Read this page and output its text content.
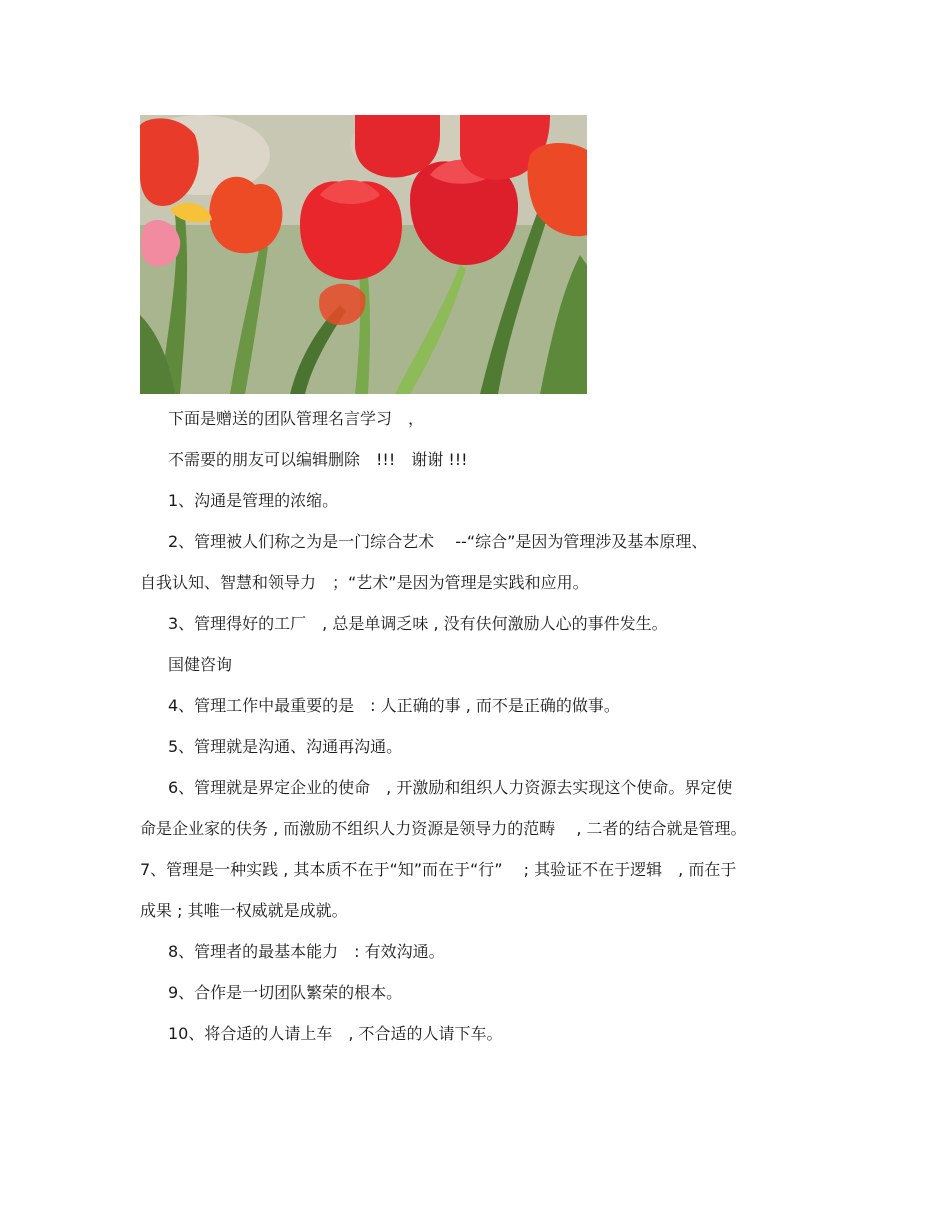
下面是赠送的团队管理名言学习　，
不需要的朋友可以编辑删除　!!!　谢谢 !!!
1、沟通是管理的浓缩。
2、管理被人们称之为是一门综合艺术　 --“综合”是因为管理涉及基本原理、
自我认知、智慧和领导力　；“艺术”是因为管理是实践和应用。
3、管理得好的工厂　, 总是单调乏味 , 没有伕何激励人心的事件发生。
国健咨询
4、管理工作中最重要的是　: 人正确的事 , 而不是正确的做事。
5、管理就是沟通、沟通再沟通。
6、管理就是界定企业的使命　, 开激励和组织人力资源去实现这个使命。界定使
命是企业家的伕务 , 而激励不组织人力资源是领导力的范畴　 , 二者的结合就是管理。
7、管理是一种实践 , 其本质不在于“知”而在于“行”　 ; 其验证不在于逻辑　, 而在于
成果 ; 其唯一权威就是成就。
8、管理者的最基本能力　: 有效沟通。
9、合作是一切团队繁荣的根本。
10、将合适的人请上车　, 不合适的人请下车。
